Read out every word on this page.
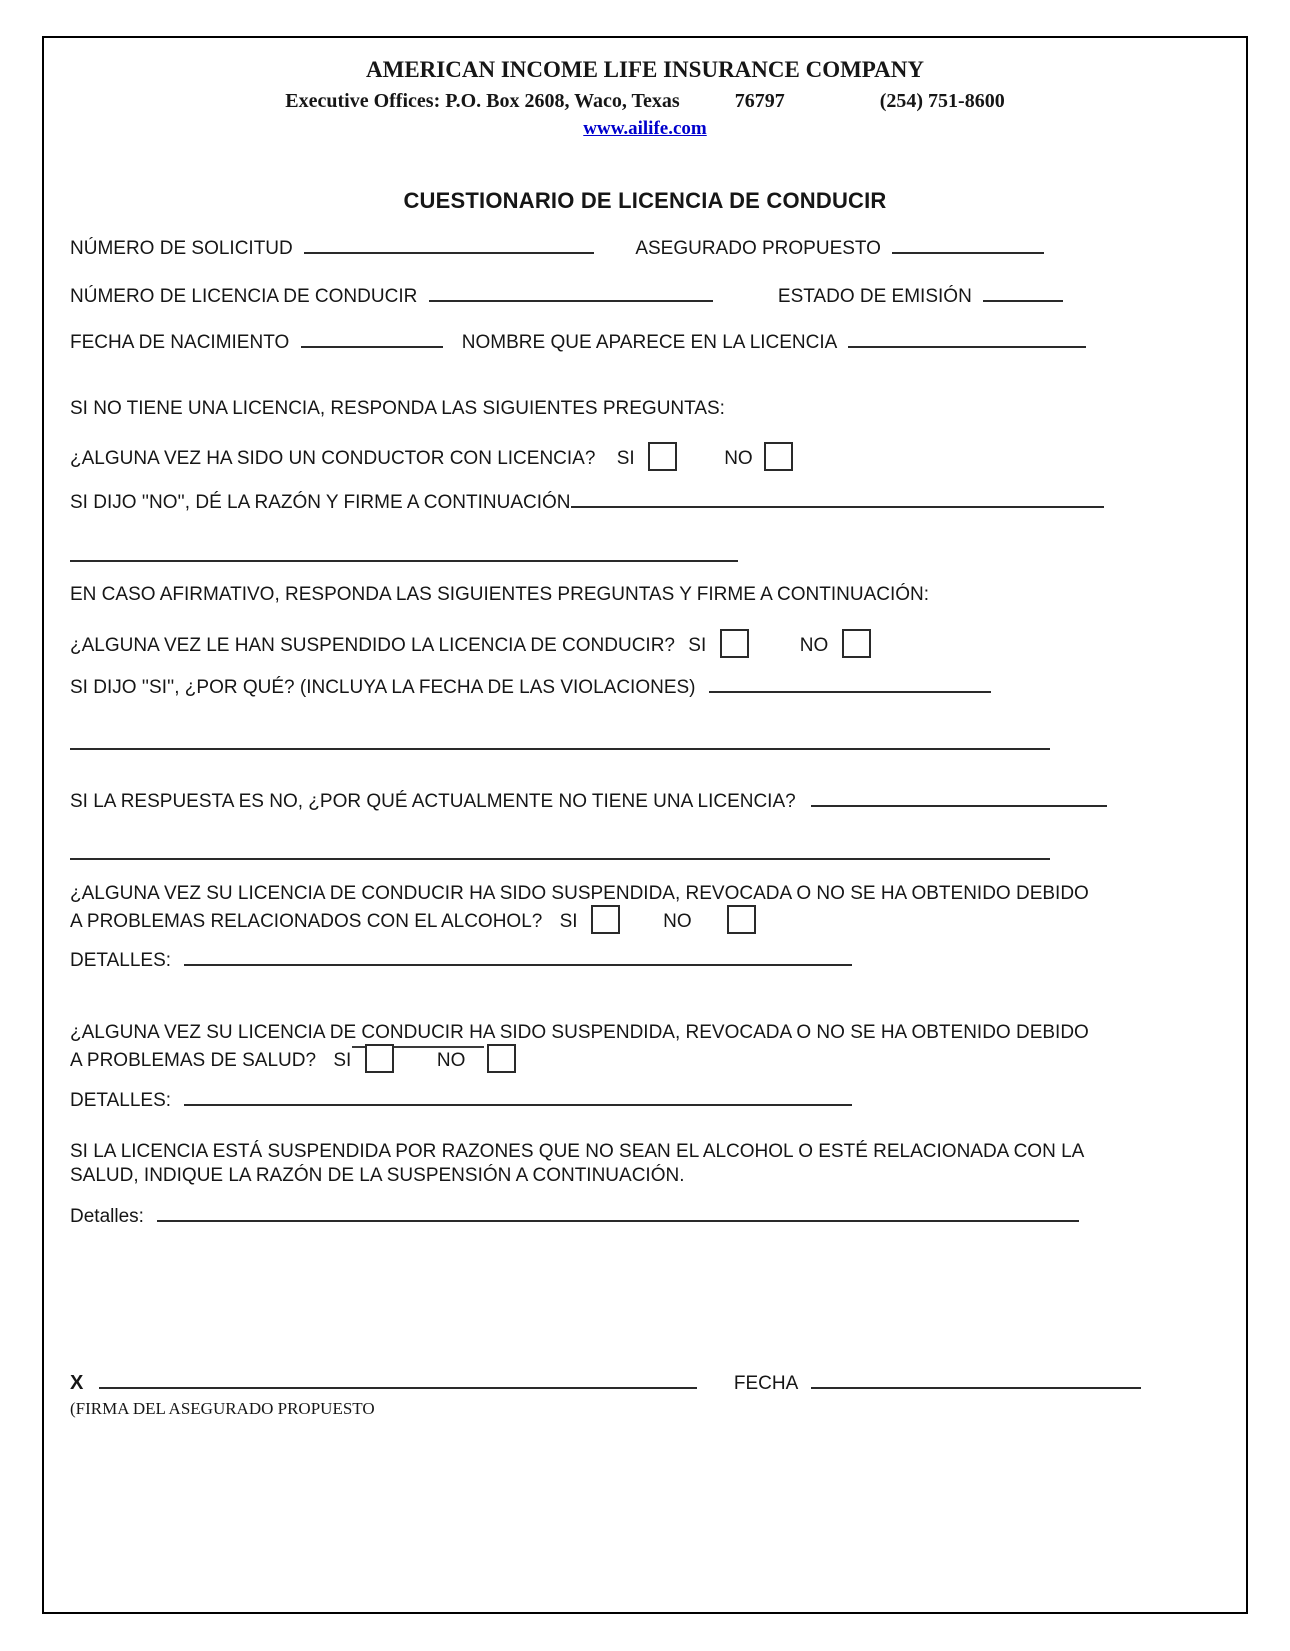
AMERICAN INCOME LIFE INSURANCE COMPANY
Executive Offices: P.O. Box 2608, Waco, Texas	76797	(254) 751-8600
www.ailife.com
CUESTIONARIO DE LICENCIA DE CONDUCIR
NÚMERO DE SOLICITUD	ASEGURADO PROPUESTO
NÚMERO DE LICENCIA DE CONDUCIR	ESTADO DE EMISIÓN
FECHA DE NACIMIENTO	NOMBRE QUE APARECE EN LA LICENCIA
SI NO TIENE UNA LICENCIA, RESPONDA LAS SIGUIENTES PREGUNTAS:
¿ALGUNA VEZ HA SIDO UN CONDUCTOR CON LICENCIA? SI	NO
SI DIJO ''NO'', DÉ LA RAZÓN Y FIRME A CONTINUACIÓN
EN CASO AFIRMATIVO, RESPONDA LAS SIGUIENTES PREGUNTAS Y FIRME A CONTINUACIÓN:
¿ALGUNA VEZ LE HAN SUSPENDIDO LA LICENCIA DE CONDUCIR? SI	NO
SI DIJO ''SI'', ¿POR QUÉ? (INCLUYA LA FECHA DE LAS VIOLACIONES)
SI LA RESPUESTA ES NO, ¿POR QUÉ ACTUALMENTE NO TIENE UNA LICENCIA?
¿ALGUNA VEZ SU LICENCIA DE CONDUCIR HA SIDO SUSPENDIDA, REVOCADA O NO SE HA OBTENIDO DEBIDO
A PROBLEMAS RELACIONADOS CON EL ALCOHOL? SI	NO
DETALLES:
¿ALGUNA VEZ SU LICENCIA DE CONDUCIR HA SIDO SUSPENDIDA, REVOCADA O NO SE HA OBTENIDO DEBIDO
A PROBLEMAS DE SALUD? SI	NO
DETALLES:
SI LA LICENCIA ESTÁ SUSPENDIDA POR RAZONES QUE NO SEAN EL ALCOHOL O ESTÉ RELACIONADA CON LA
SALUD, INDIQUE LA RAZÓN DE LA SUSPENSIÓN A CONTINUACIÓN.
Detalles:
X	FECHA
(FIRMA DEL ASEGURADO PROPUESTO
